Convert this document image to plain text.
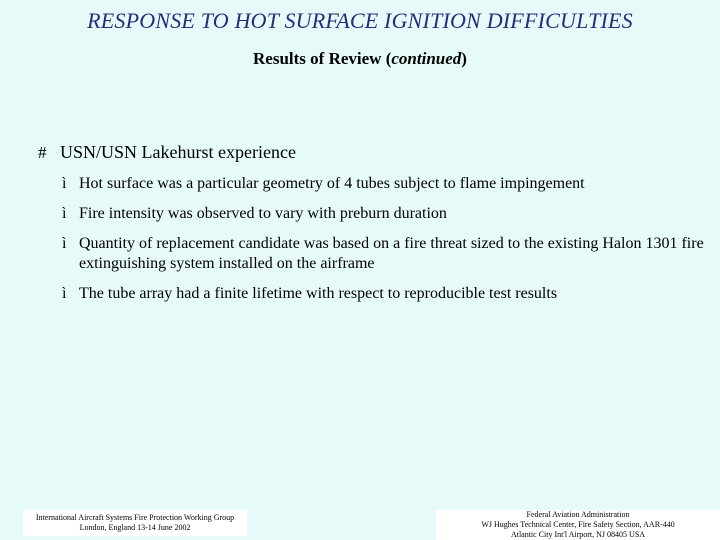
RESPONSE TO HOT SURFACE IGNITION DIFFICULTIES
Results of Review (continued)
# USN/USN Lakehurst experience
ì Hot surface was a particular geometry of 4 tubes subject to flame impingement
ì Fire intensity was observed to vary with preburn duration
ì Quantity of replacement candidate was based on a fire threat sized to the existing Halon 1301 fire extinguishing system installed on the airframe
ì The tube array had a finite lifetime with respect to reproducible test results
International Aircraft Systems Fire Protection Working Group
London, England 13-14 June 2002
Federal Aviation Administration
WJ Hughes Technical Center, Fire Safety Section, AAR-440
Atlantic City Int'l Airport, NJ 08405 USA
